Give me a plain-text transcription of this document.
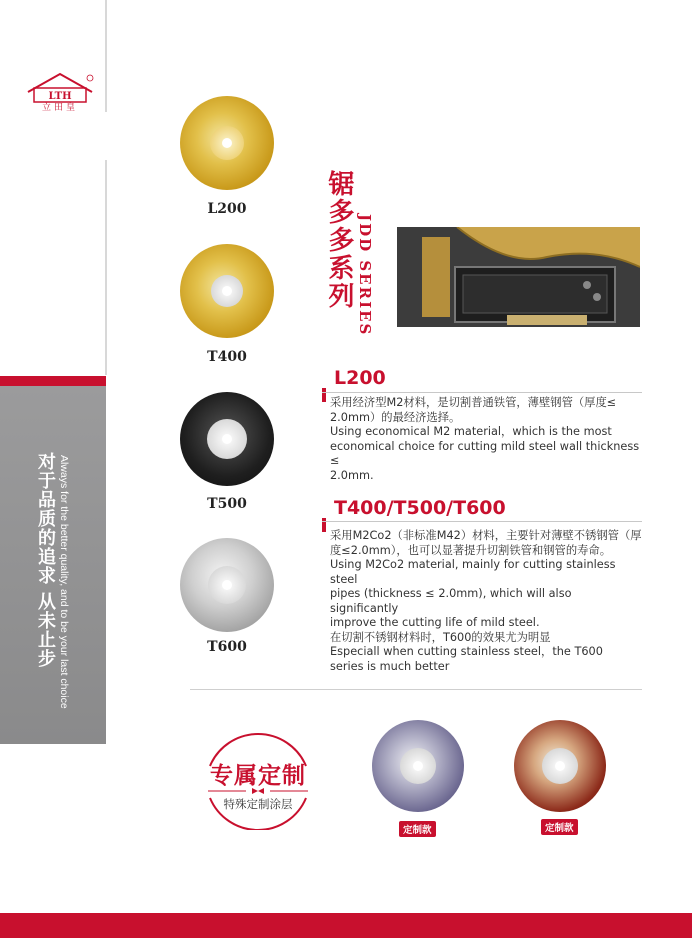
LTH
立田皇
对于品质的追求 从未止步 Always for the better quality, and to be your last choice
L200
T400
T500
T600
锯多多系列 JDD SERIES
L200

采用经济型M2材料，是切割普通铁管，薄壁钢管（厚度≤

2.0mm）的最经济选择。

Using economical M2 material，which is the most

economical choice for cutting mild steel wall thickness ≤

2.0mm.

T400/T500/T600

采用M2Co2（非标准M42）材料，主要针对薄壁不锈钢管（厚

度≤2.0mm），也可以显著提升切割铁管和钢管的寿命。

Using M2Co2 material, mainly for cutting stainless steel

pipes (thickness ≤ 2.0mm), which will also significantly

improve the cutting life of mild steel.

在切割不锈钢材料时，T600的效果尤为明显

Especiall when cutting stainless steel，the T600

series is much better

专属定制
特殊定制涂层
定制款	定制款
